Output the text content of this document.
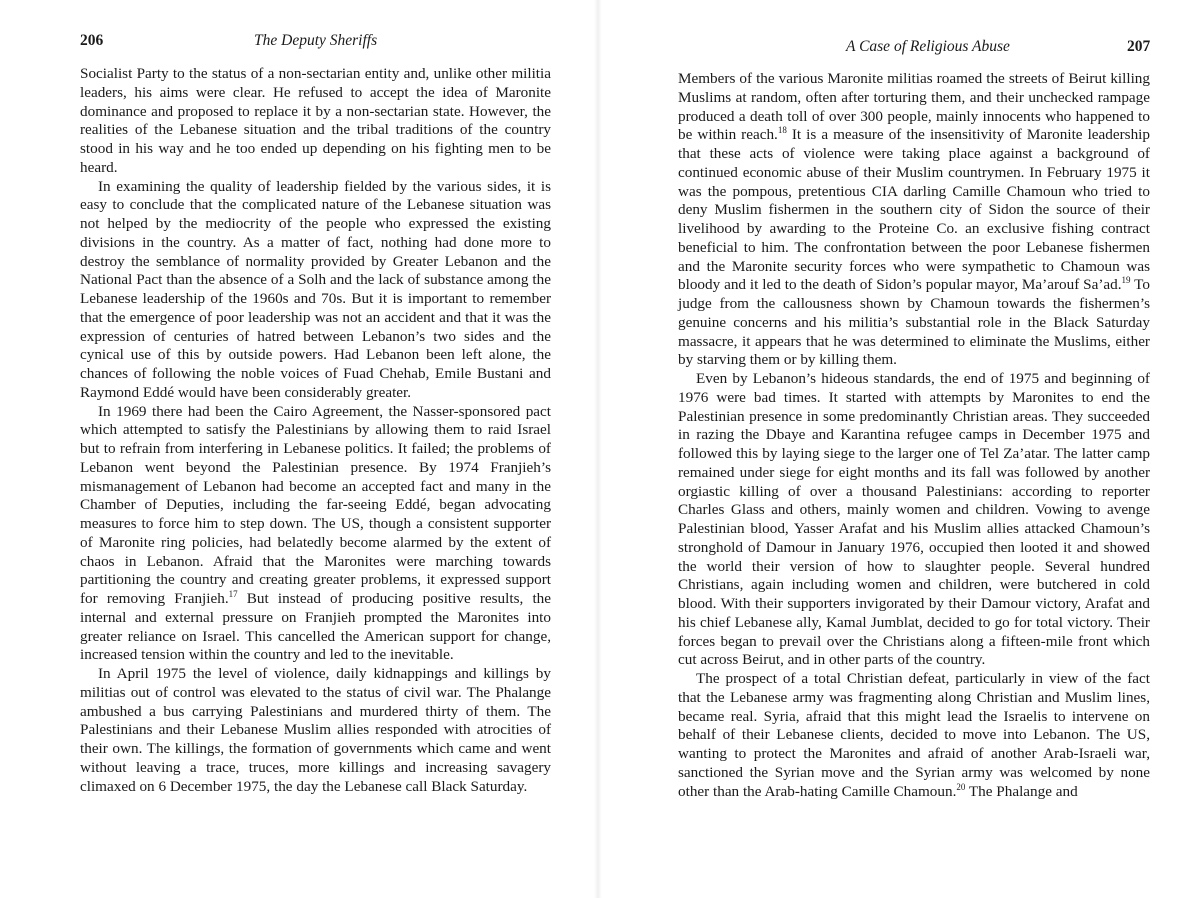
206	The Deputy Sheriffs

Socialist Party to the status of a non-sectarian entity and, unlike other militia leaders, his aims were clear. He refused to accept the idea of Maronite dominance and proposed to replace it by a non-sectarian state. However, the realities of the Lebanese situation and the tribal traditions of the country stood in his way and he too ended up depending on his fighting men to be heard.

In examining the quality of leadership fielded by the various sides, it is easy to conclude that the complicated nature of the Lebanese situation was not helped by the mediocrity of the people who expressed the existing divisions in the country. As a matter of fact, nothing had done more to destroy the semblance of normality provided by Greater Lebanon and the National Pact than the absence of a Solh and the lack of substance among the Lebanese leadership of the 1960s and 70s. But it is important to remember that the emergence of poor leadership was not an accident and that it was the expression of centuries of hatred between Lebanon’s two sides and the cynical use of this by outside powers. Had Lebanon been left alone, the chances of following the noble voices of Fuad Chehab, Emile Bustani and Raymond Eddé would have been considerably greater.

In 1969 there had been the Cairo Agreement, the Nasser-sponsored pact which attempted to satisfy the Palestinians by allowing them to raid Israel but to refrain from interfering in Lebanese politics. It failed; the problems of Lebanon went beyond the Palestinian presence. By 1974 Franjieh’s mismanagement of Lebanon had become an accepted fact and many in the Chamber of Deputies, including the far-seeing Eddé, began advocating measures to force him to step down. The US, though a consistent supporter of Maronite ring policies, had belatedly become alarmed by the extent of chaos in Lebanon. Afraid that the Maronites were marching towards partitioning the country and creating greater problems, it expressed support for removing Franjieh.$^{17}$ But instead of producing positive results, the internal and external pressure on Franjieh prompted the Maronites into greater reliance on Israel. This cancelled the American support for change, increased tension within the country and led to the inevitable.

In April 1975 the level of violence, daily kidnappings and killings by militias out of control was elevated to the status of civil war. The Phalange ambushed a bus carrying Palestinians and murdered thirty of them. The Palestinians and their Lebanese Muslim allies responded with atrocities of their own. The killings, the formation of governments which came and went without leaving a trace, truces, more killings and increasing savagery climaxed on 6 December 1975, the day the Lebanese call Black Saturday.

A Case of Religious Abuse	207

Members of the various Maronite militias roamed the streets of Beirut killing Muslims at random, often after torturing them, and their unchecked rampage produced a death toll of over 300 people, mainly innocents who happened to be within reach.$^{18}$ It is a measure of the insensitivity of Maronite leadership that these acts of violence were taking place against a background of continued economic abuse of their Muslim countrymen. In February 1975 it was the pompous, pretentious CIA darling Camille Chamoun who tried to deny Muslim fishermen in the southern city of Sidon the source of their livelihood by awarding to the Proteine Co. an exclusive fishing contract beneficial to him. The confrontation between the poor Lebanese fishermen and the Maronite security forces who were sympathetic to Chamoun was bloody and it led to the death of Sidon’s popular mayor, Ma’arouf Sa’ad.$^{19}$ To judge from the callousness shown by Chamoun towards the fishermen’s genuine concerns and his militia’s substantial role in the Black Saturday massacre, it appears that he was determined to eliminate the Muslims, either by starving them or by killing them.

Even by Lebanon’s hideous standards, the end of 1975 and beginning of 1976 were bad times. It started with attempts by Maronites to end the Palestinian presence in some predominantly Christian areas. They succeeded in razing the Dbaye and Karantina refugee camps in December 1975 and followed this by laying siege to the larger one of Tel Za’atar. The latter camp remained under siege for eight months and its fall was followed by another orgiastic killing of over a thousand Palestinians: according to reporter Charles Glass and others, mainly women and children. Vowing to avenge Palestinian blood, Yasser Arafat and his Muslim allies attacked Chamoun’s stronghold of Damour in January 1976, occupied then looted it and showed the world their version of how to slaughter people. Several hundred Christians, again including women and children, were butchered in cold blood. With their supporters invigorated by their Damour victory, Arafat and his chief Lebanese ally, Kamal Jumblat, decided to go for total victory. Their forces began to prevail over the Christians along a fifteen-mile front which cut across Beirut, and in other parts of the country.

The prospect of a total Christian defeat, particularly in view of the fact that the Lebanese army was fragmenting along Christian and Muslim lines, became real. Syria, afraid that this might lead the Israelis to intervene on behalf of their Lebanese clients, decided to move into Lebanon. The US, wanting to protect the Maronites and afraid of another Arab-Israeli war, sanctioned the Syrian move and the Syrian army was welcomed by none other than the Arab-hating Camille Chamoun.$^{20}$ The Phalange and
